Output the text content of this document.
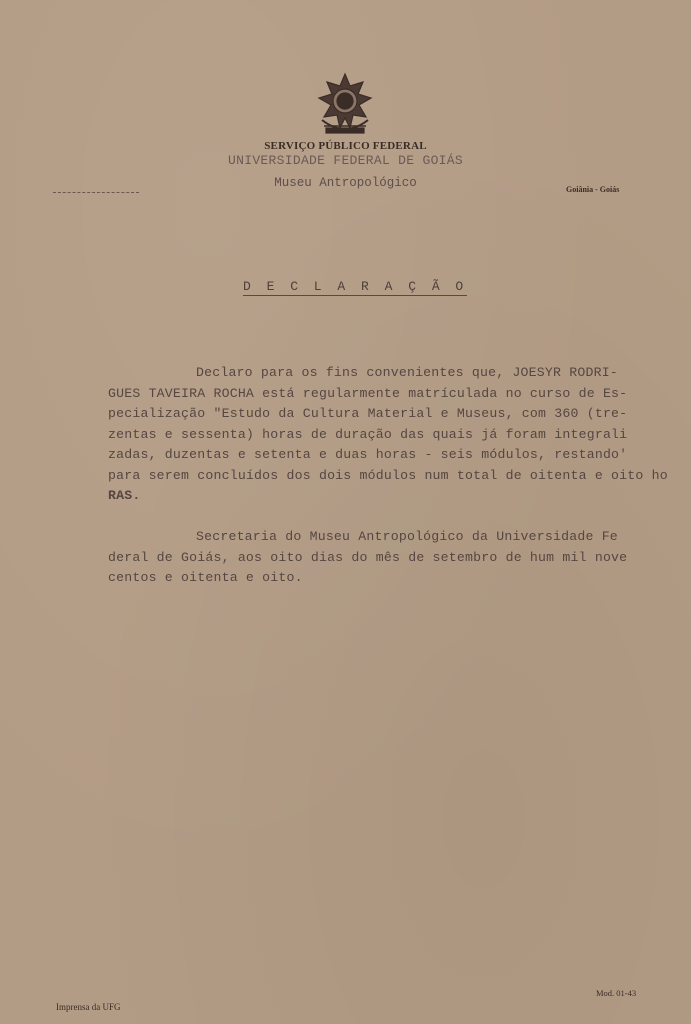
SERVIÇO PÚBLICO FEDERAL
UNIVERSIDADE FEDERAL DE GOIÁS
Museu Antropológico	Goiânia - Goiás
D E C L A R A Ç Ã O
Declaro para os fins convenientes que, JOESYR RODRI-
GUES TAVEIRA ROCHA está regularmente matrículada no curso de Es-
pecialização "Estudo da Cultura Material e Museus, com 360 (tre-
zentas e sessenta) horas de duração das quais já foram integrali
zadas, duzentas e setenta e duas horas - seis módulos, restando'
para serem concluídos dos dois módulos num total de oitenta e oito ho
RAS.
Secretaria do Museu Antropológico da Universidade Fe
deral de Goiás, aos oito dias do mês de setembro de hum mil nove
centos e oitenta e oito.
Imprensa da UFG
Mod. 01-43
